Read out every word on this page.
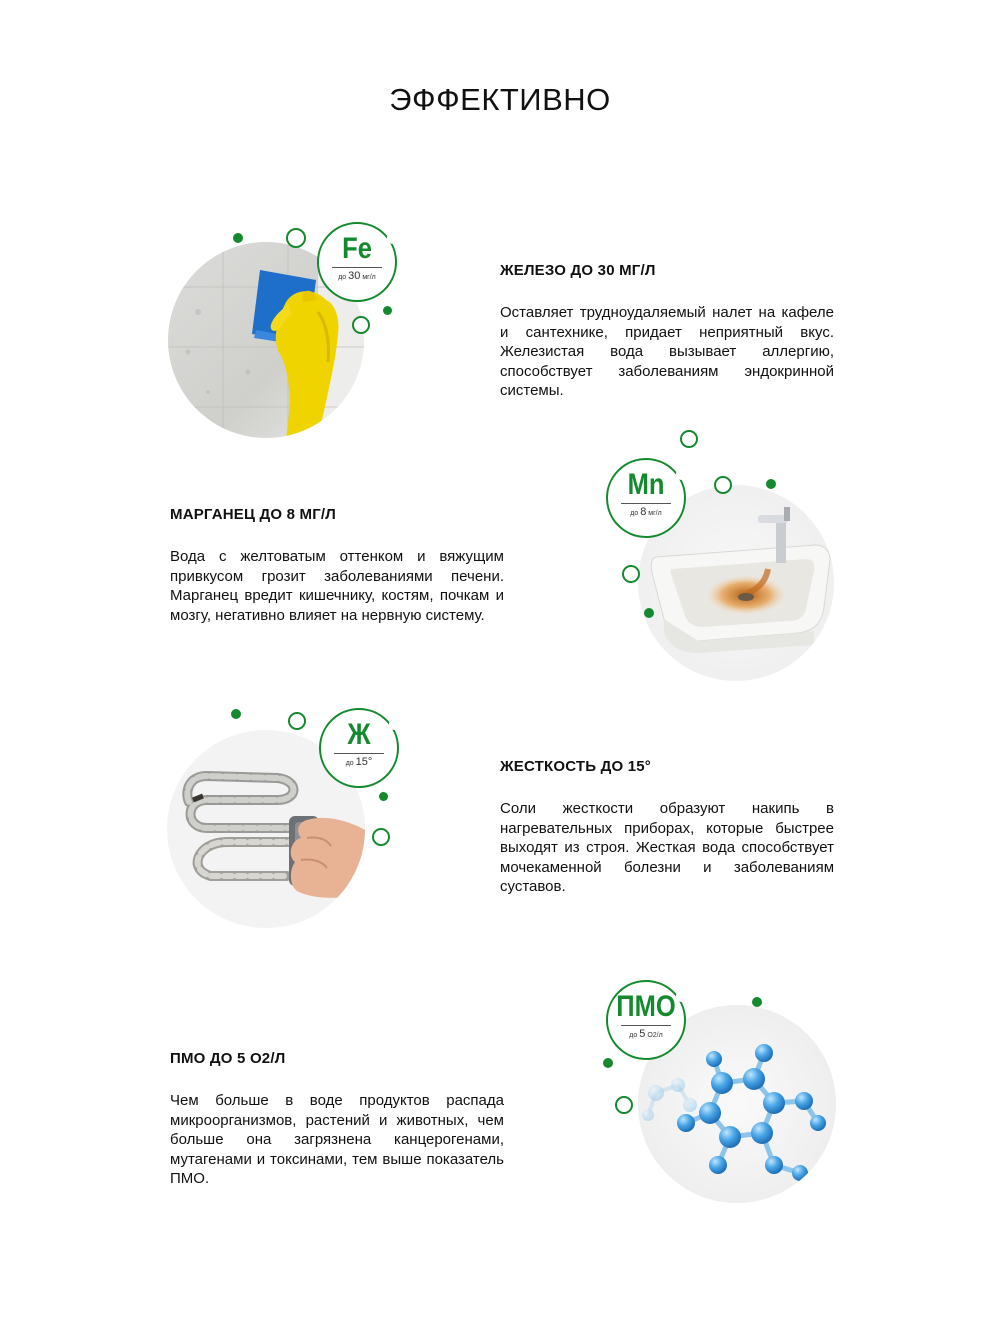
ЭФФЕКТИВНО
Fe
до 30 мг/л	ЖЕЛЕЗО ДО 30 МГ/Л

Оставляет трудноудаляемый налет на кафеле и сантехнике, придает неприятный вкус. Железистая вода вызывает аллергию, способствует заболеваниям эндокринной системы.

Mn
до 8 мг/л
МАРГАНЕЦ ДО 8 МГ/Л

Вода с желтоватым оттенком и вяжущим привкусом грозит заболеваниями печени. Марганец вредит кишечнику, костям, почкам и мозгу, негативно влияет на нервную систему.

Ж
до 15°	ЖЕСТКОСТЬ ДО 15°

Соли жесткости образуют накипь в нагревательных приборах, которые быстрее выходят из строя. Жесткая вода способствует мочекаменной болезни и заболеваниям суставов.

ПМО
до 5 O2/л
ПМО ДО 5 O2/Л

Чем больше в воде продуктов распада микроорганизмов, растений и животных, чем больше она загрязнена канцерогенами, мутагенами и токсинами, тем выше показатель ПМО.
